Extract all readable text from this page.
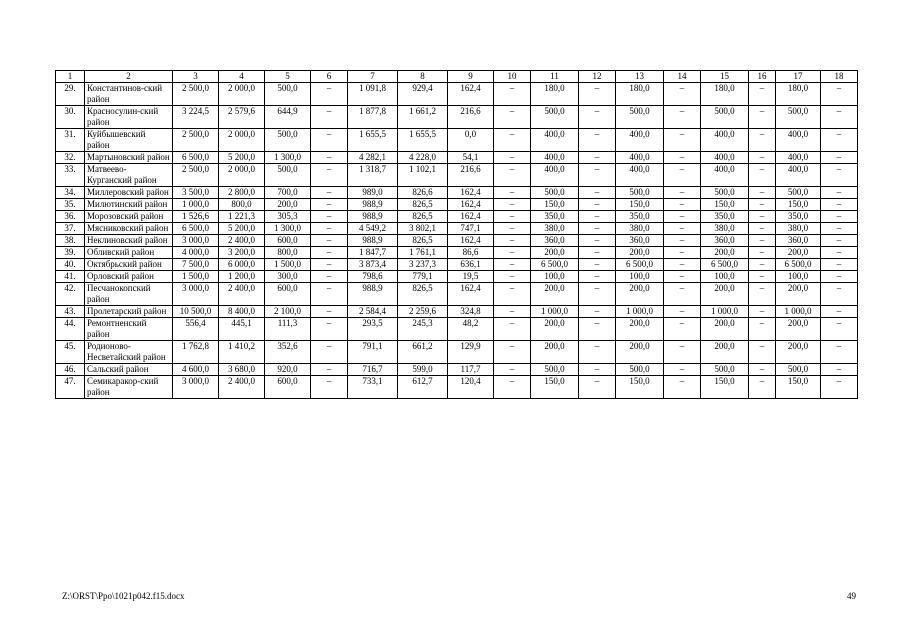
1	2	3	4	5	6	7	8	9	10	11	12	13	14	15	16	17	18
29.	Константинов-ский район	2 500,0	2 000,0	500,0	–	1 091,8	929,4	162,4	–	180,0	–	180,0	–	180,0	–	180,0	–
30.	Красносулин-ский район	3 224,5	2 579,6	644,9	–	1 877,8	1 661,2	216,6	–	500,0	–	500,0	–	500,0	–	500,0	–
31.	Куйбышевский район	2 500,0	2 000,0	500,0	–	1 655,5	1 655,5	0,0	–	400,0	–	400,0	–	400,0	–	400,0	–
32.	Мартыновский район	6 500,0	5 200,0	1 300,0	–	4 282,1	4 228,0	54,1	–	400,0	–	400,0	–	400,0	–	400,0	–
33.	Матвеево-Курганский район	2 500,0	2 000,0	500,0	–	1 318,7	1 102,1	216,6	–	400,0	–	400,0	–	400,0	–	400,0	–
34.	Миллеровский район	3 500,0	2 800,0	700,0	–	989,0	826,6	162,4	–	500,0	–	500,0	–	500,0	–	500,0	–
35.	Милютинский район	1 000,0	800,0	200,0	–	988,9	826,5	162,4	–	150,0	–	150,0	–	150,0	–	150,0	–
36.	Морозовский район	1 526,6	1 221,3	305,3	–	988,9	826,5	162,4	–	350,0	–	350,0	–	350,0	–	350,0	–
37.	Мясниковский район	6 500,0	5 200,0	1 300,0	–	4 549,2	3 802,1	747,1	–	380,0	–	380,0	–	380,0	–	380,0	–
38.	Неклиновский район	3 000,0	2 400,0	600,0	–	988,9	826,5	162,4	–	360,0	–	360,0	–	360,0	–	360,0	–
39.	Обливский район	4 000,0	3 200,0	800,0	–	1 847,7	1 761,1	86,6	–	200,0	–	200,0	–	200,0	–	200,0	–
40.	Октябрьский район	7 500,0	6 000,0	1 500,0	–	3 873,4	3 237,3	636,1	–	6 500,0	–	6 500,0	–	6 500,0	–	6 500,0	–
41.	Орловский район	1 500,0	1 200,0	300,0	–	798,6	779,1	19,5	–	100,0	–	100,0	–	100,0	–	100,0	–
42.	Песчанокопский район	3 000,0	2 400,0	600,0	–	988,9	826,5	162,4	–	200,0	–	200,0	–	200,0	–	200,0	–
43.	Пролетарский район	10 500,0	8 400,0	2 100,0	–	2 584,4	2 259,6	324,8	–	1 000,0	–	1 000,0	–	1 000,0	–	1 000,0	–
44.	Ремонтненский район	556,4	445,1	111,3	–	293,5	245,3	48,2	–	200,0	–	200,0	–	200,0	–	200,0	–
45.	Родионово-Несветайский район	1 762,8	1 410,2	352,6	–	791,1	661,2	129,9	–	200,0	–	200,0	–	200,0	–	200,0	–
46.	Сальский район	4 600,0	3 680,0	920,0	–	716,7	599,0	117,7	–	500,0	–	500,0	–	500,0	–	500,0	–
47.	Семикаракор-ский район	3 000,0	2 400,0	600,0	–	733,1	612,7	120,4	–	150,0	–	150,0	–	150,0	–	150,0	–
Z:\ORST\Ppo\1021p042.f15.docx	49
